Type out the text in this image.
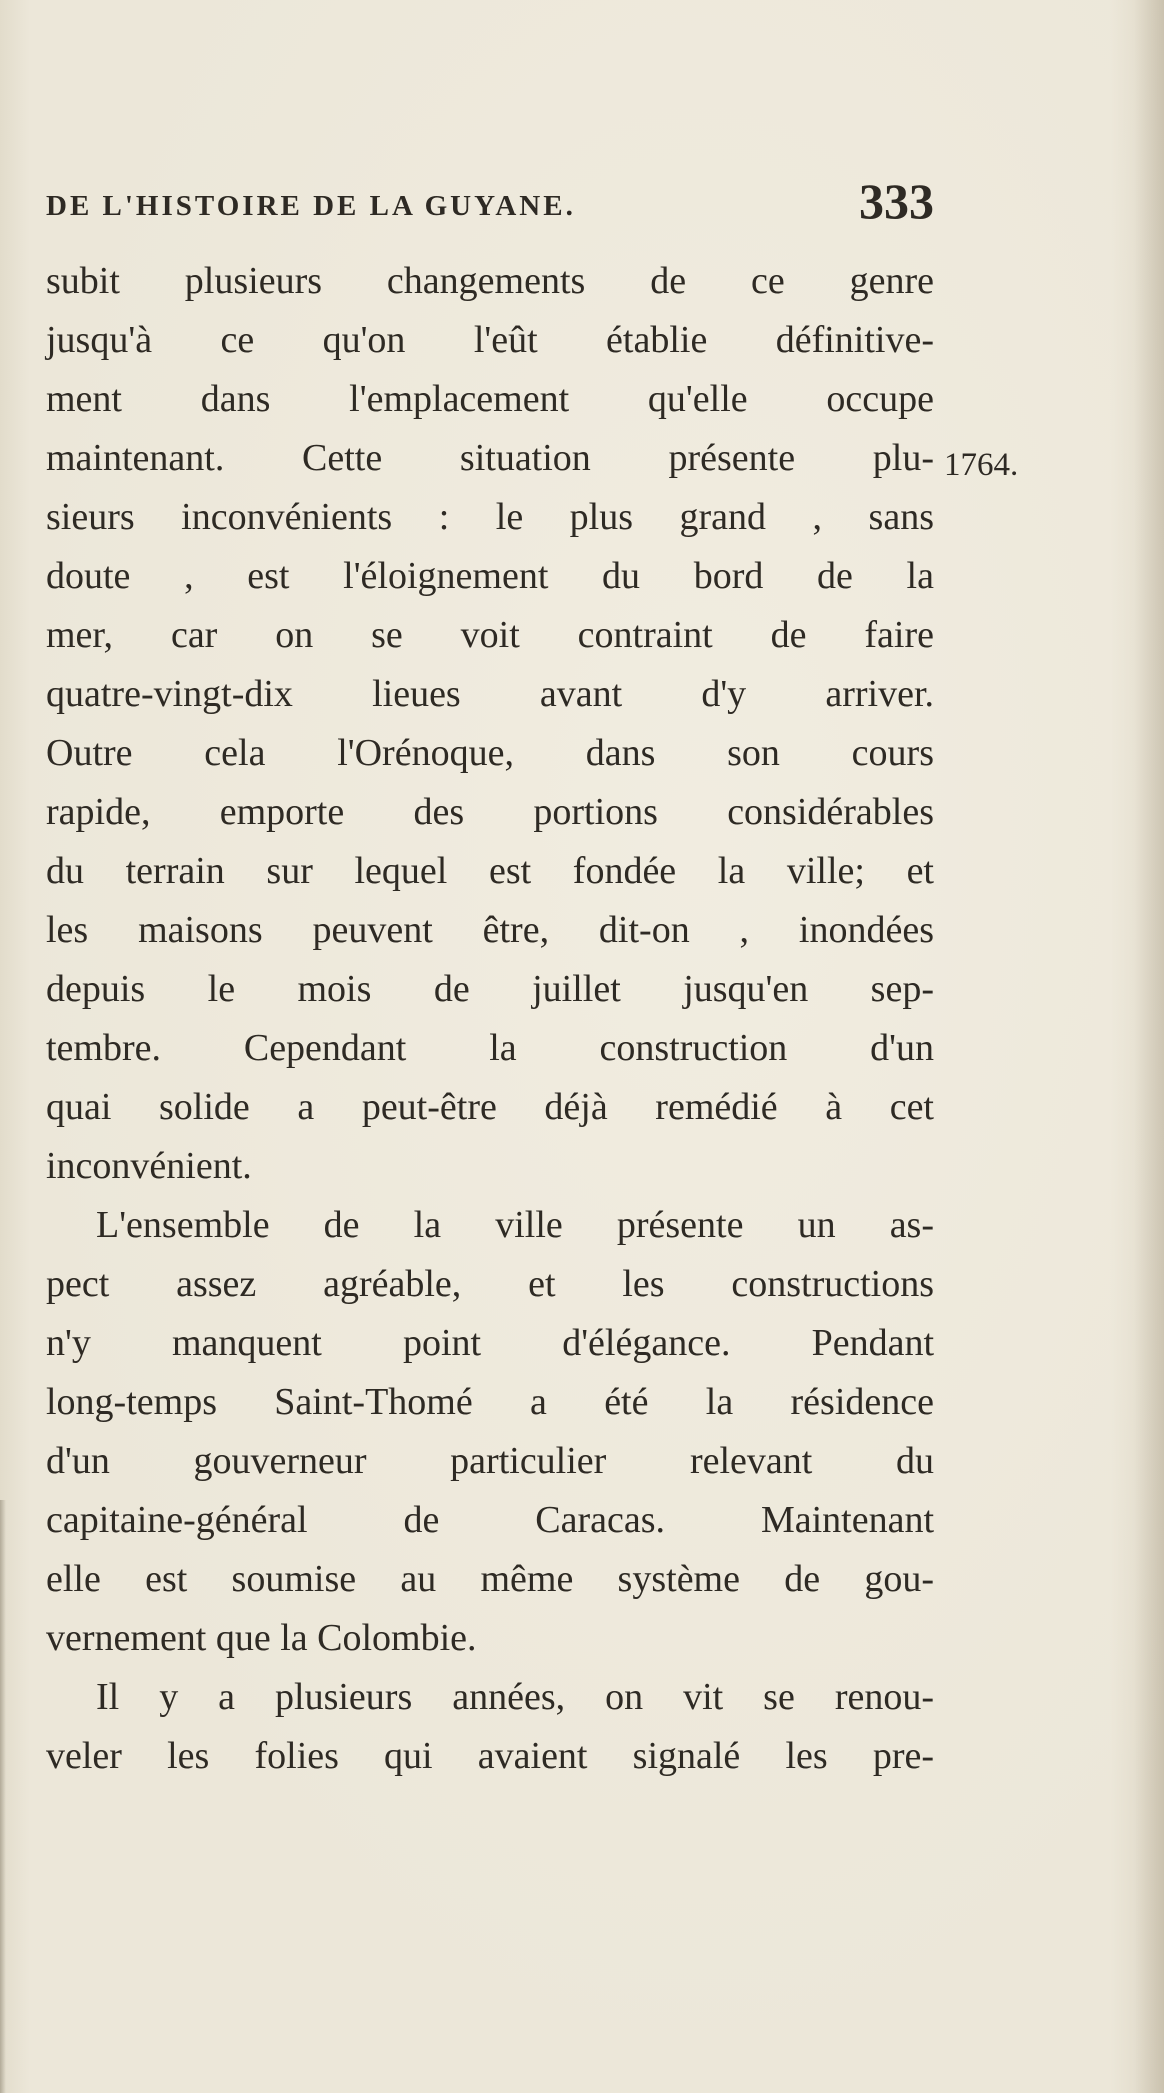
DE L'HISTOIRE DE LA GUYANE.	333
1764.
subit plusieurs changements de ce genre
jusqu'à ce qu'on l'eût établie définitive-
ment dans l'emplacement qu'elle occupe
maintenant. Cette situation présente plu-
sieurs inconvénients : le plus grand , sans
doute , est l'éloignement du bord de la
mer, car on se voit contraint de faire
quatre-vingt-dix lieues avant d'y arriver.
Outre cela l'Orénoque, dans son cours
rapide, emporte des portions considérables
du terrain sur lequel est fondée la ville; et
les maisons peuvent être, dit-on , inondées
depuis le mois de juillet jusqu'en sep-
tembre. Cependant la construction d'un
quai solide a peut-être déjà remédié à cet
inconvénient.
L'ensemble de la ville présente un as-
pect assez agréable, et les constructions
n'y manquent point d'élégance. Pendant
long-temps Saint-Thomé a été la résidence
d'un gouverneur particulier relevant du
capitaine-général de Caracas. Maintenant
elle est soumise au même système de gou-
vernement que la Colombie.
Il y a plusieurs années, on vit se renou-
veler les folies qui avaient signalé les pre-
